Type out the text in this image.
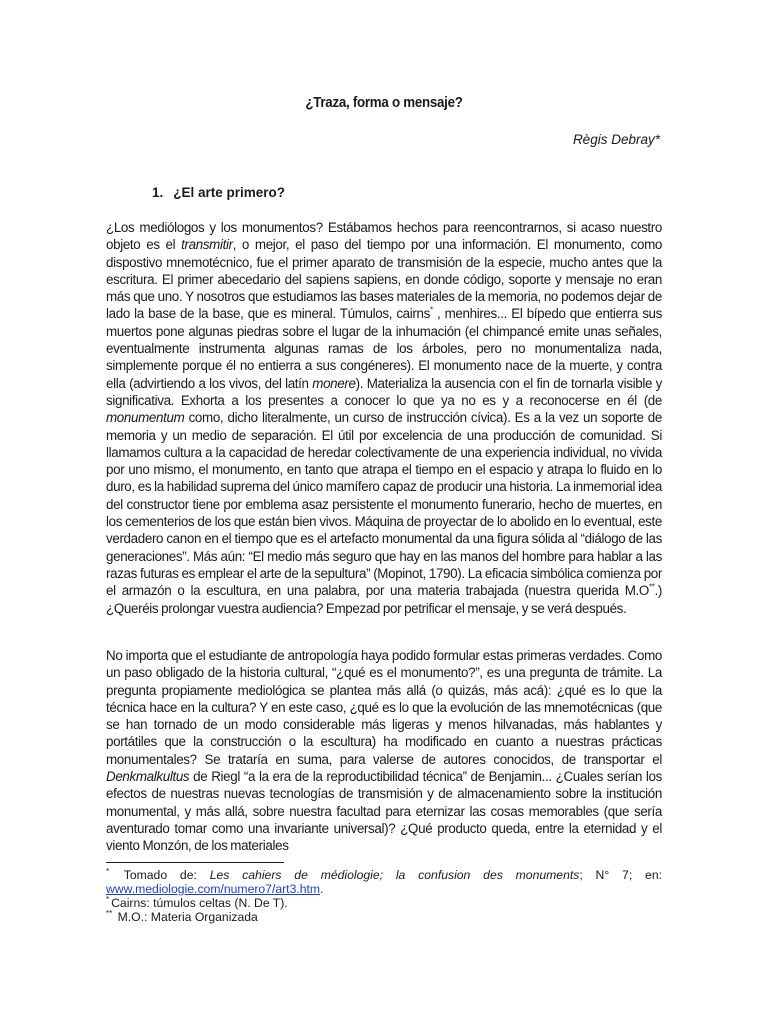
¿Traza, forma o mensaje?
Règis Debray*
1. ¿El arte primero?
¿Los mediólogos y los monumentos? Estábamos hechos para reencontrarnos, si acaso nuestro objeto es el transmitir, o mejor, el paso del tiempo por una información. El monumento, como dispostivo mnemotécnico, fue el primer aparato de transmisión de la especie, mucho antes que la escritura. El primer abecedario del sapiens sapiens, en donde código, soporte y mensaje no eran más que uno. Y nosotros que estudiamos las bases materiales de la memoria, no podemos dejar de lado la base de la base, que es mineral. Túmulos, cairns* , menhires... El bípedo que entierra sus muertos pone algunas piedras sobre el lugar de la inhumación (el chimpancé emite unas señales, eventualmente instrumenta algunas ramas de los árboles, pero no monumentaliza nada, simplemente porque él no entierra a sus congéneres). El monumento nace de la muerte, y contra ella (advirtiendo a los vivos, del latín monere). Materializa la ausencia con el fin de tornarla visible y significativa. Exhorta a los presentes a conocer lo que ya no es y a reconocerse en él (de monumentum como, dicho literalmente, un curso de instrucción cívica). Es a la vez un soporte de memoria y un medio de separación. El útil por excelencia de una producción de comunidad. Si llamamos cultura a la capacidad de heredar colectivamente de una experiencia individual, no vivida por uno mismo, el monumento, en tanto que atrapa el tiempo en el espacio y atrapa lo fluido en lo duro, es la habilidad suprema del único mamífero capaz de producir una historia. La inmemorial idea del constructor tiene por emblema asaz persistente el monumento funerario, hecho de muertes, en los cementerios de los que están bien vivos. Máquina de proyectar de lo abolido en lo eventual, este verdadero canon en el tiempo que es el artefacto monumental da una figura sólida al “diálogo de las generaciones”. Más aún: “El medio más seguro que hay en las manos del hombre para hablar a las razas futuras es emplear el arte de la sepultura” (Mopinot, 1790). La eficacia simbólica comienza por el armazón o la escultura, en una palabra, por una materia trabajada (nuestra querida M.O**.) ¿Queréis prolongar vuestra audiencia? Empezad por petrificar el mensaje, y se verá después.
No importa que el estudiante de antropología haya podido formular estas primeras verdades. Como un paso obligado de la historia cultural, “¿qué es el monumento?”, es una pregunta de trámite. La pregunta propiamente mediológica se plantea más allá (o quizás, más acá): ¿qué es lo que la técnica hace en la cultura? Y en este caso, ¿qué es lo que la evolución de las mnemotécnicas (que se han tornado de un modo considerable más ligeras y menos hilvanadas, más hablantes y portátiles que la construcción o la escultura) ha modificado en cuanto a nuestras prácticas monumentales? Se trataría en suma, para valerse de autores conocidos, de transportar el Denkmalkultus de Riegl “a la era de la reproductibilidad técnica” de Benjamin... ¿Cuales serían los efectos de nuestras nuevas tecnologías de transmisión y de almacenamiento sobre la institución monumental, y más allá, sobre nuestra facultad para eternizar las cosas memorables (que sería aventurado tomar como una invariante universal)? ¿Qué producto queda, entre la eternidad y el viento Monzón, de los materiales

* Tomado de: Les cahiers de médiologie; la confusion des monuments; N° 7; en: www.mediologie.com/numero7/art3.htm.

* Cairns: túmulos celtas (N. De T).

** M.O.: Materia Organizada
